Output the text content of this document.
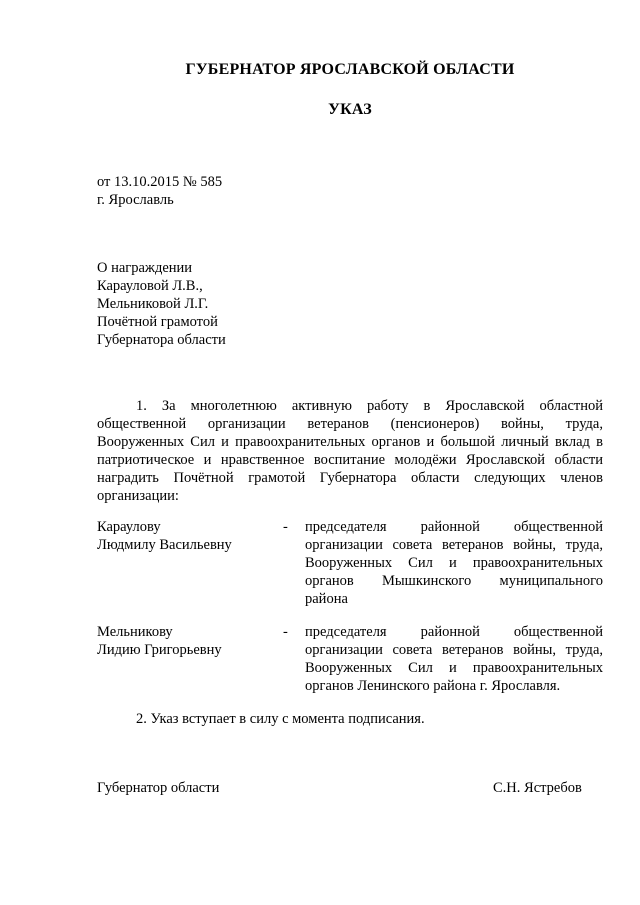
ГУБЕРНАТОР ЯРОСЛАВСКОЙ ОБЛАСТИ
УКАЗ
от 13.10.2015 № 585
г. Ярославль
О награждении
Карауловой Л.В.,
Мельниковой Л.Г.
Почётной грамотой
Губернатора области
1. За многолетнюю активную работу в Ярославской областной
общественной организации ветеранов (пенсионеров) войны, труда,
Вооруженных Сил и правоохранительных органов и большой личный вклад в
патриотическое и нравственное воспитание молодёжи Ярославской области
наградить Почётной грамотой Губернатора области следующих членов
организации:
Караулову
Людмилу Васильевну
- председателя районной общественной
организации совета ветеранов войны, труда,
Вооруженных Сил и правоохранительных
органов Мышкинского муниципального
района
Мельникову
Лидию Григорьевну
- председателя районной общественной
организации совета ветеранов войны, труда,
Вооруженных Сил и правоохранительных
органов Ленинского района г. Ярославля.
2. Указ вступает в силу с момента подписания.
Губернатор области	С.Н. Ястребов
